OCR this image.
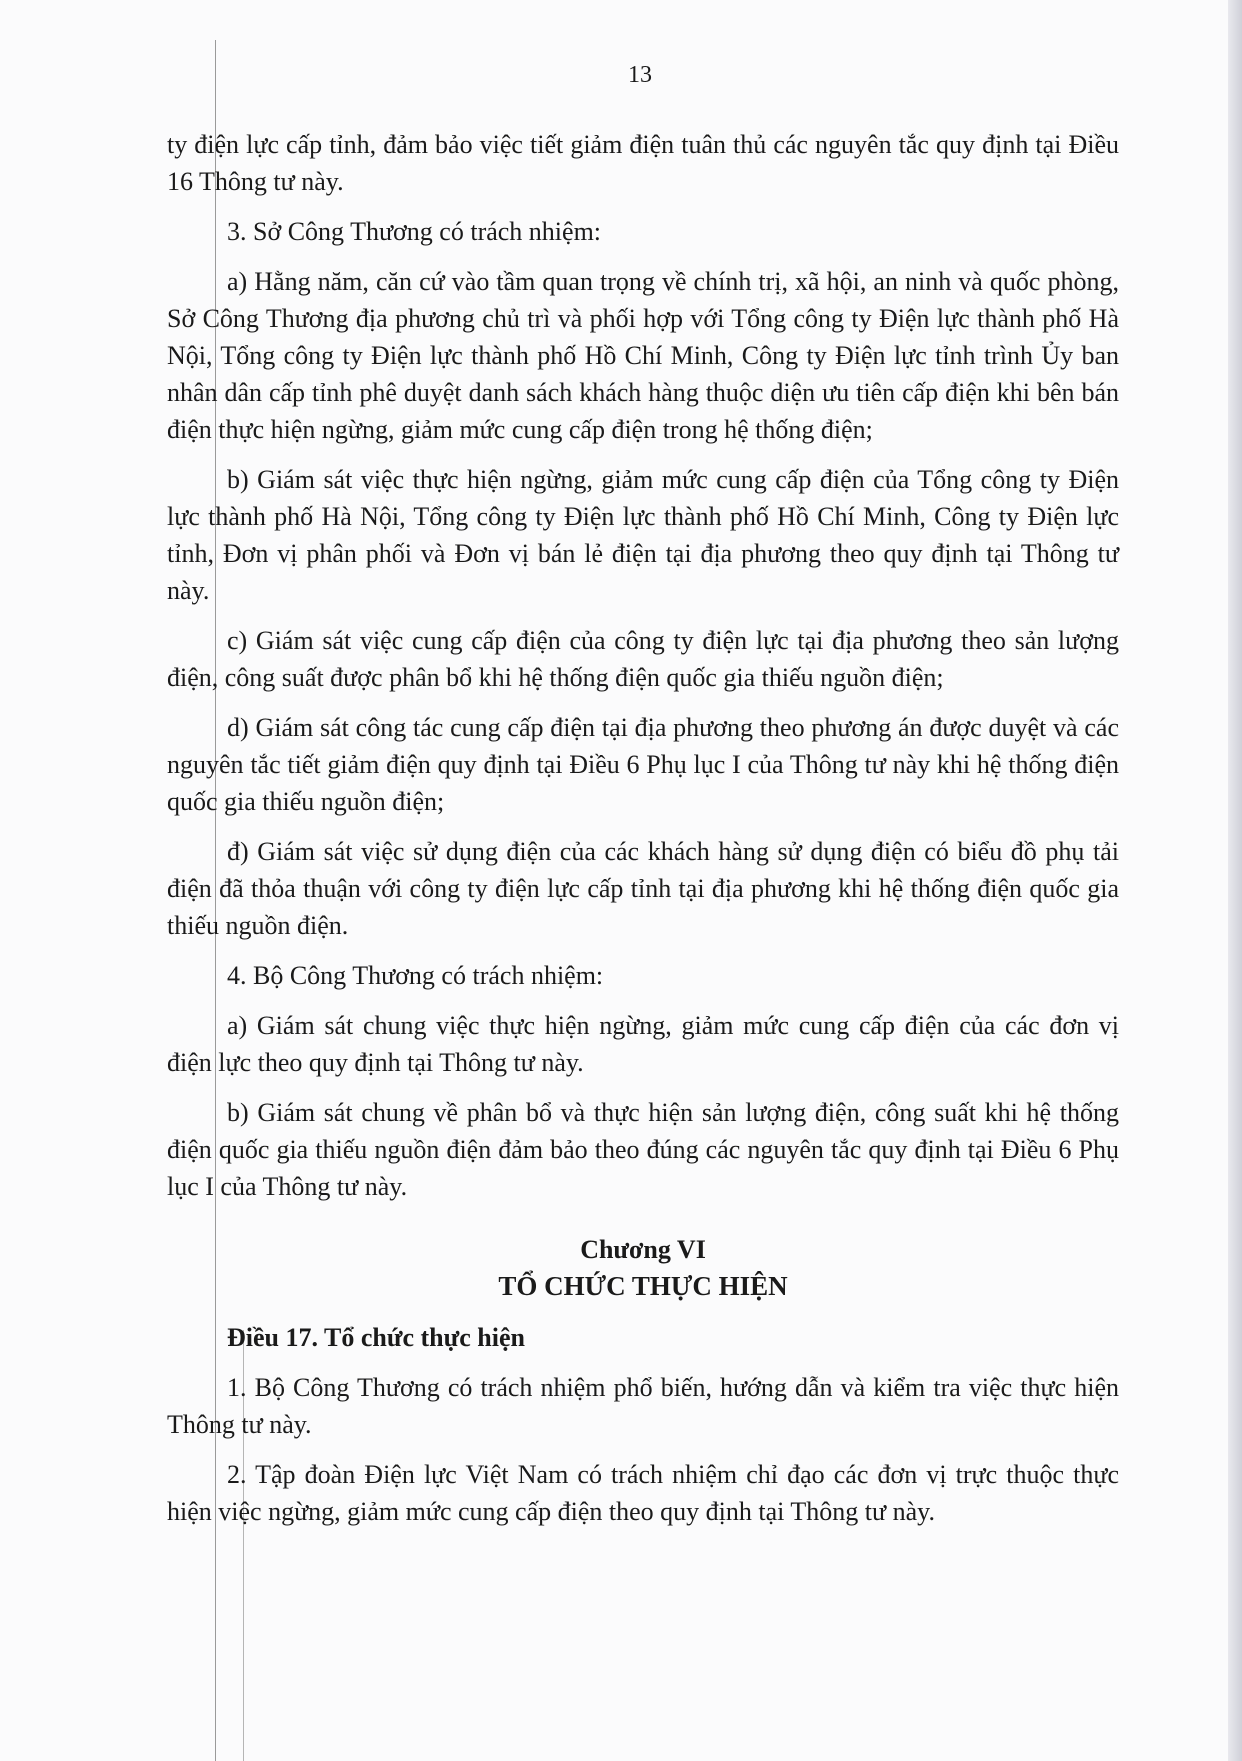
13

ty điện lực cấp tỉnh, đảm bảo việc tiết giảm điện tuân thủ các nguyên tắc quy định tại Điều 16 Thông tư này.

3. Sở Công Thương có trách nhiệm:

a) Hằng năm, căn cứ vào tầm quan trọng về chính trị, xã hội, an ninh và quốc phòng, Sở Công Thương địa phương chủ trì và phối hợp với Tổng công ty Điện lực thành phố Hà Nội, Tổng công ty Điện lực thành phố Hồ Chí Minh, Công ty Điện lực tỉnh trình Ủy ban nhân dân cấp tỉnh phê duyệt danh sách khách hàng thuộc diện ưu tiên cấp điện khi bên bán điện thực hiện ngừng, giảm mức cung cấp điện trong hệ thống điện;

b) Giám sát việc thực hiện ngừng, giảm mức cung cấp điện của Tổng công ty Điện lực thành phố Hà Nội, Tổng công ty Điện lực thành phố Hồ Chí Minh, Công ty Điện lực tỉnh, Đơn vị phân phối và Đơn vị bán lẻ điện tại địa phương theo quy định tại Thông tư này.

c) Giám sát việc cung cấp điện của công ty điện lực tại địa phương theo sản lượng điện, công suất được phân bổ khi hệ thống điện quốc gia thiếu nguồn điện;

d) Giám sát công tác cung cấp điện tại địa phương theo phương án được duyệt và các nguyên tắc tiết giảm điện quy định tại Điều 6 Phụ lục I của Thông tư này khi hệ thống điện quốc gia thiếu nguồn điện;

đ) Giám sát việc sử dụng điện của các khách hàng sử dụng điện có biểu đồ phụ tải điện đã thỏa thuận với công ty điện lực cấp tỉnh tại địa phương khi hệ thống điện quốc gia thiếu nguồn điện.

4. Bộ Công Thương có trách nhiệm:

a) Giám sát chung việc thực hiện ngừng, giảm mức cung cấp điện của các đơn vị điện lực theo quy định tại Thông tư này.

b) Giám sát chung về phân bổ và thực hiện sản lượng điện, công suất khi hệ thống điện quốc gia thiếu nguồn điện đảm bảo theo đúng các nguyên tắc quy định tại Điều 6 Phụ lục I của Thông tư này.

Chương VI

TỔ CHỨC THỰC HIỆN

Điều 17. Tổ chức thực hiện

1. Bộ Công Thương có trách nhiệm phổ biến, hướng dẫn và kiểm tra việc thực hiện Thông tư này.

2. Tập đoàn Điện lực Việt Nam có trách nhiệm chỉ đạo các đơn vị trực thuộc thực hiện việc ngừng, giảm mức cung cấp điện theo quy định tại Thông tư này.
